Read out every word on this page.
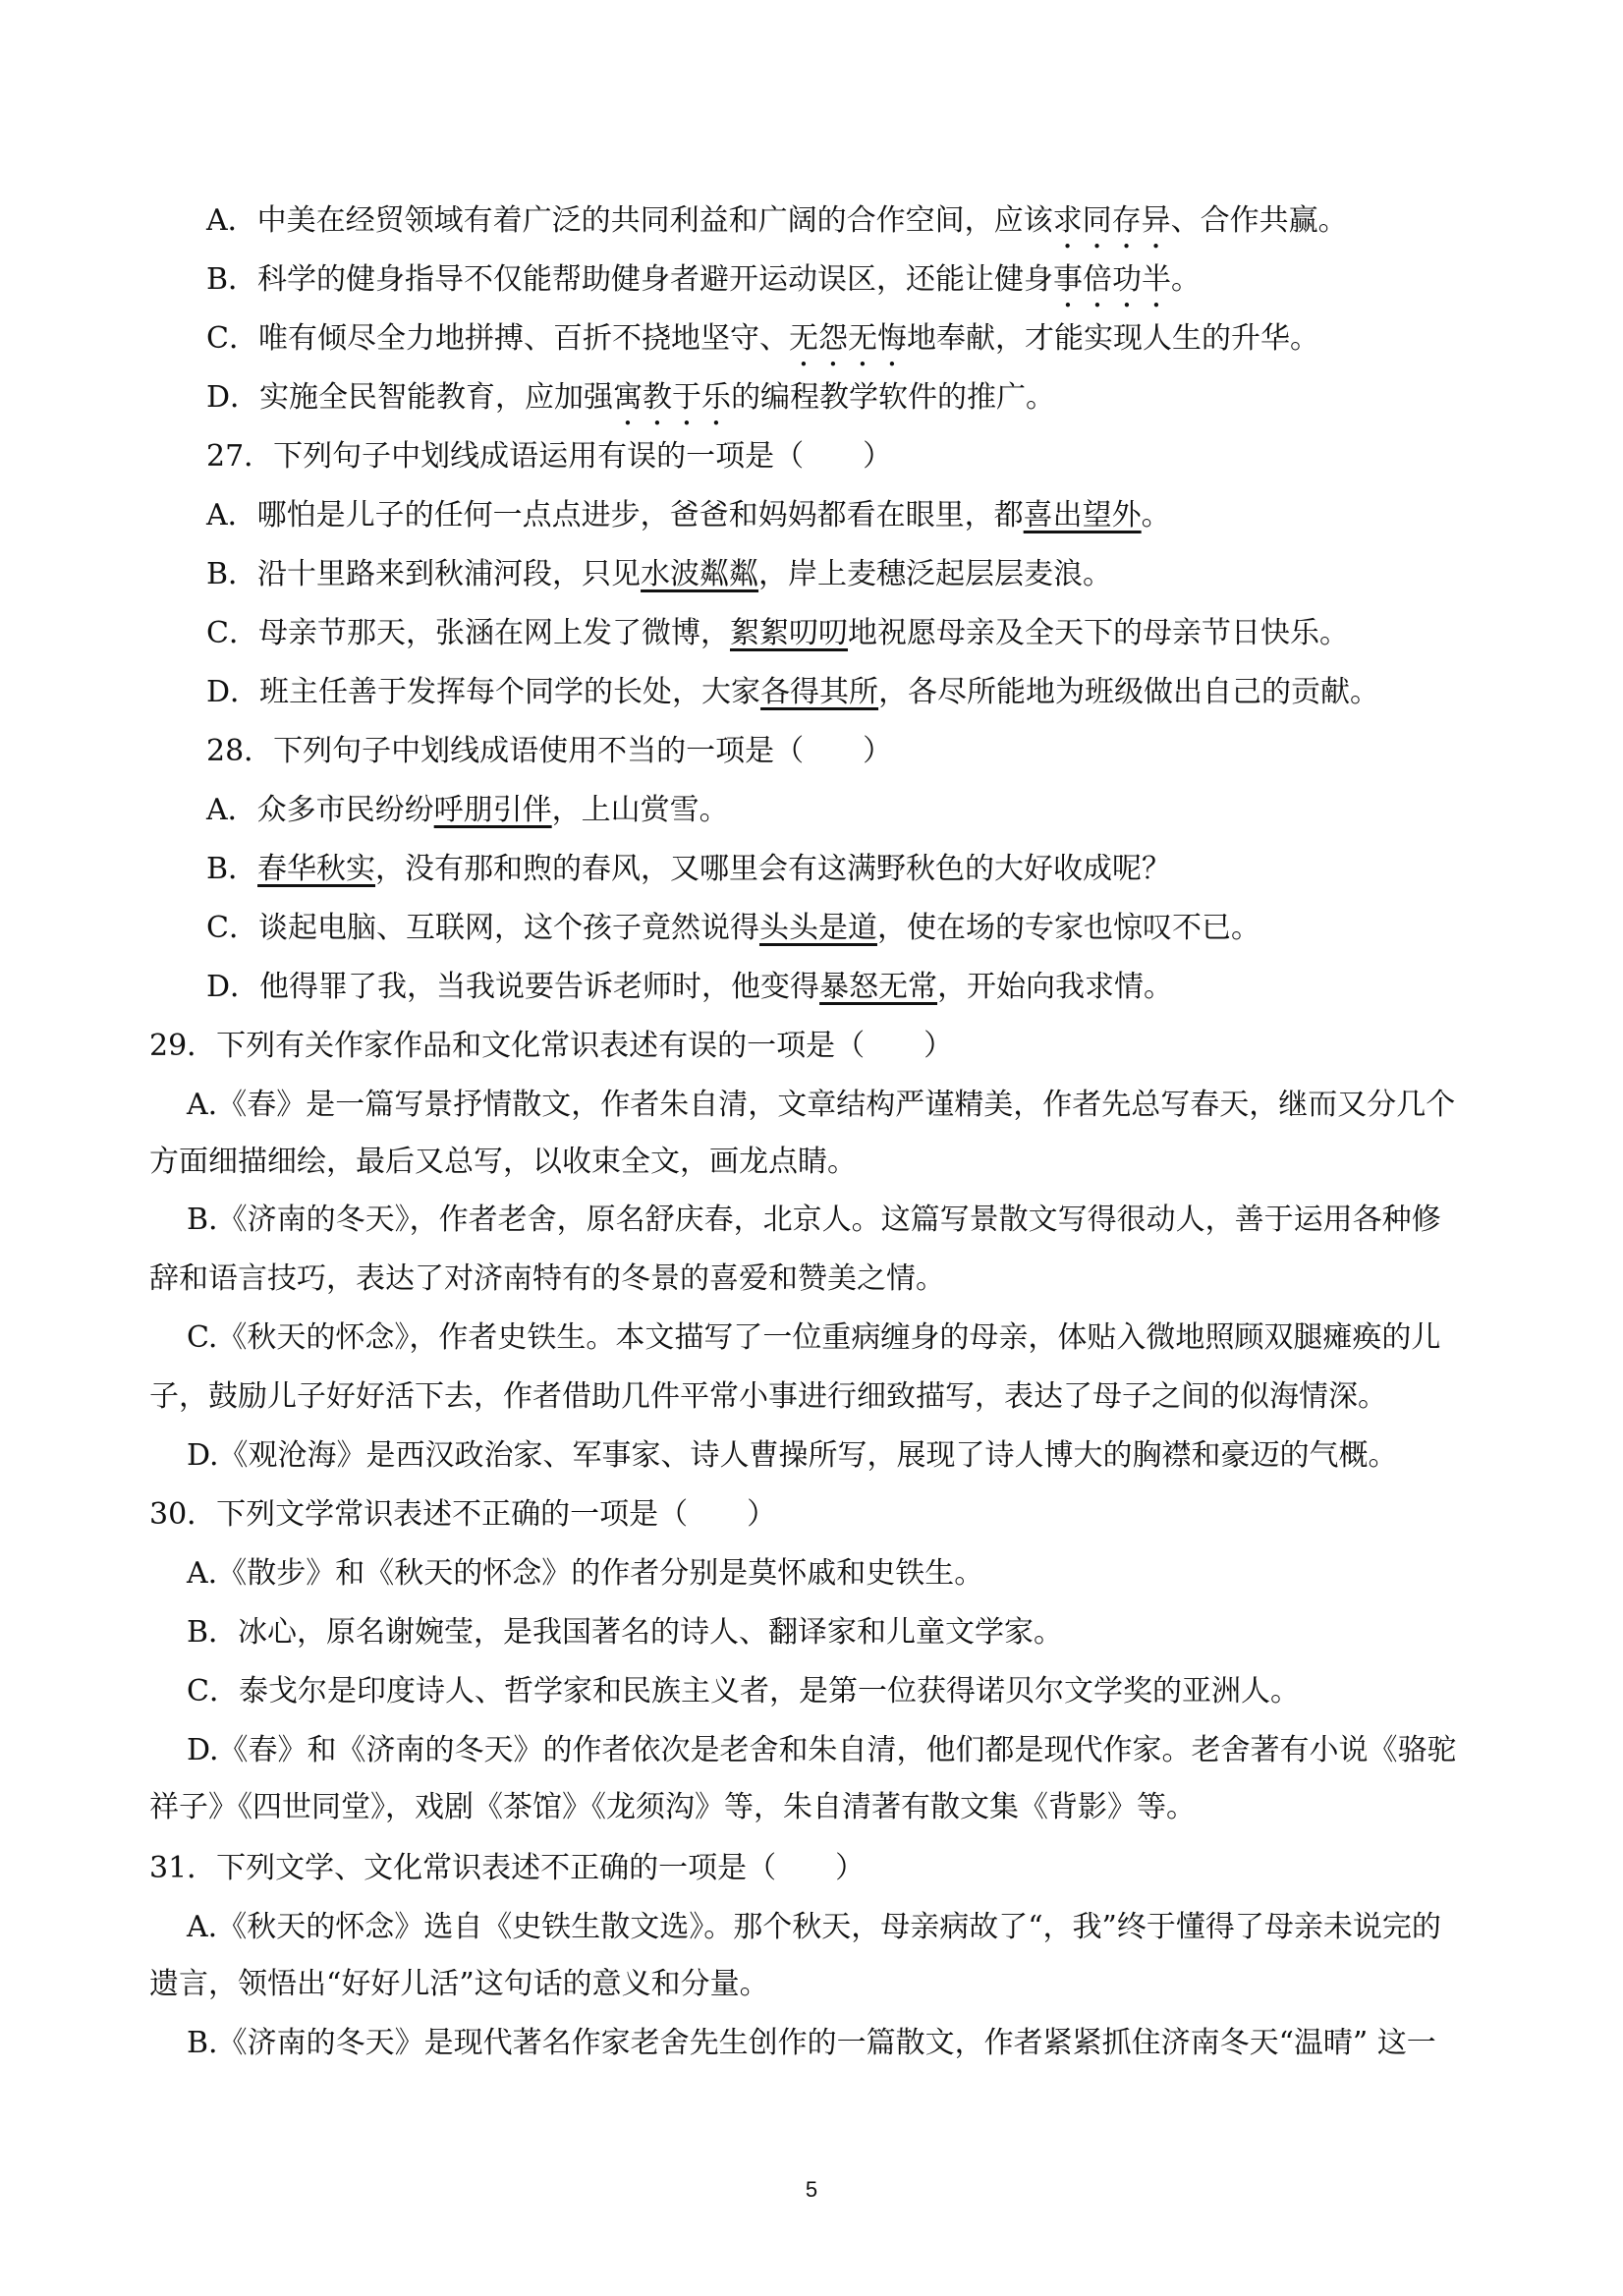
A．中美在经贸领域有着广泛的共同利益和广阔的合作空间，应该求同存异、合作共赢。
B．科学的健身指导不仅能帮助健身者避开运动误区，还能让健身事倍功半。
C．唯有倾尽全力地拼搏、百折不挠地坚守、无怨无悔地奉献，才能实现人生的升华。
D．实施全民智能教育，应加强寓教于乐的编程教学软件的推广。
27．下列句子中划线成语运用有误的一项是（　　）
A．哪怕是儿子的任何一点点进步，爸爸和妈妈都看在眼里，都喜出望外。
B．沿十里路来到秋浦河段，只见水波粼粼，岸上麦穗泛起层层麦浪。
C．母亲节那天，张涵在网上发了微博，絮絮叨叨地祝愿母亲及全天下的母亲节日快乐。
D．班主任善于发挥每个同学的长处，大家各得其所，各尽所能地为班级做出自己的贡献。
28．下列句子中划线成语使用不当的一项是（　　）
A．众多市民纷纷呼朋引伴，上山赏雪。
B．春华秋实，没有那和煦的春风，又哪里会有这满野秋色的大好收成呢？
C．谈起电脑、互联网，这个孩子竟然说得头头是道，使在场的专家也惊叹不已。
D．他得罪了我，当我说要告诉老师时，他变得暴怒无常，开始向我求情。
29．下列有关作家作品和文化常识表述有误的一项是（　　）
A.《春》是一篇写景抒情散文，作者朱自清，文章结构严谨精美，作者先总写春天，继而又分几个
方面细描细绘，最后又总写，以收束全文，画龙点睛。
B.《济南的冬天》，作者老舍，原名舒庆春，北京人。这篇写景散文写得很动人，善于运用各种修
辞和语言技巧，表达了对济南特有的冬景的喜爱和赞美之情。
C.《秋天的怀念》，作者史铁生。本文描写了一位重病缠身的母亲，体贴入微地照顾双腿瘫痪的儿
子，鼓励儿子好好活下去，作者借助几件平常小事进行细致描写，表达了母子之间的似海情深。
D.《观沧海》是西汉政治家、军事家、诗人曹操所写，展现了诗人博大的胸襟和豪迈的气概。
30．下列文学常识表述不正确的一项是（　　）
A.《散步》和《秋天的怀念》的作者分别是莫怀戚和史铁生。
B．冰心，原名谢婉莹，是我国著名的诗人、翻译家和儿童文学家。
C．泰戈尔是印度诗人、哲学家和民族主义者，是第一位获得诺贝尔文学奖的亚洲人。
D.《春》和《济南的冬天》的作者依次是老舍和朱自清，他们都是现代作家。老舍著有小说《骆驼
祥子》《四世同堂》，戏剧《茶馆》《龙须沟》等，朱自清著有散文集《背影》等。
31．下列文学、文化常识表述不正确的一项是（　　）
A.《秋天的怀念》选自《史铁生散文选》。那个秋天，母亲病故了“，我”终于懂得了母亲未说完的
遗言，领悟出“好好儿活”这句话的意义和分量。
B.《济南的冬天》是现代著名作家老舍先生创作的一篇散文，作者紧紧抓住济南冬天“温晴” 这一
5
